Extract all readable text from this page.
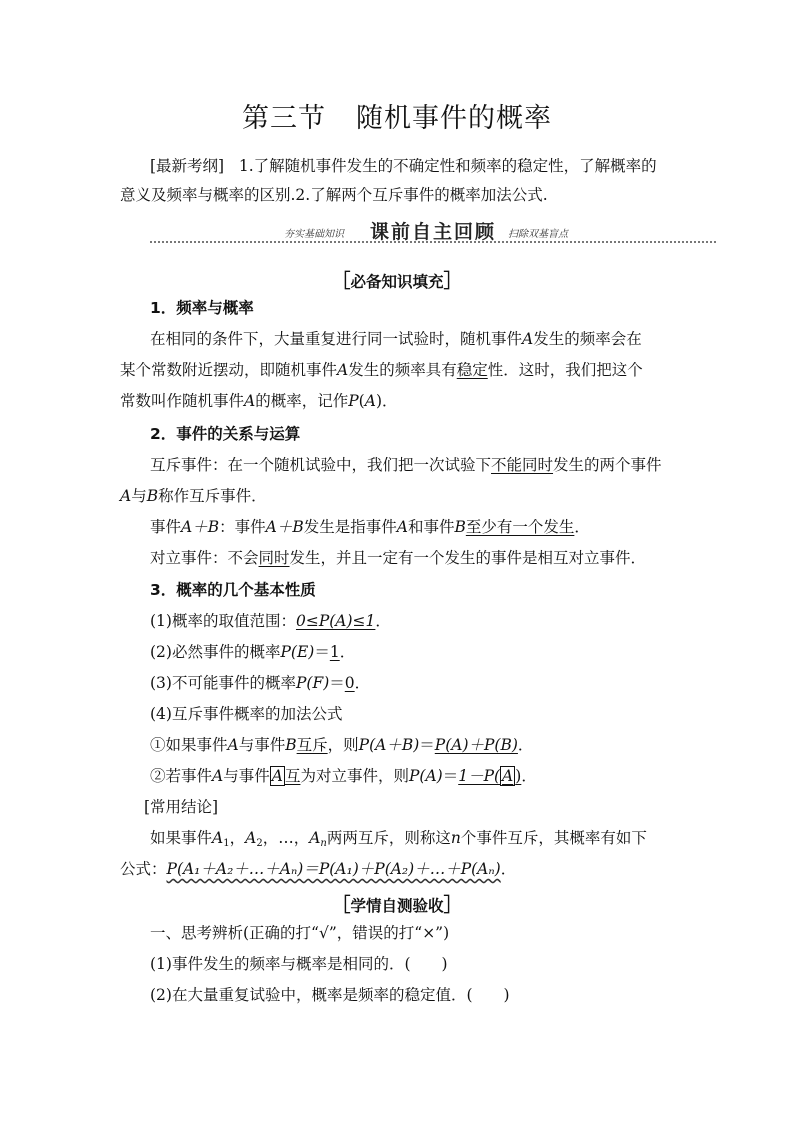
第三节 随机事件的概率
[最新考纲] 1.了解随机事件发生的不确定性和频率的稳定性，了解概率的
意义及频率与概率的区别.2.了解两个互斥事件的概率加法公式.
夯实基础知识 课前自主回顾 扫除双基盲点
［必备知识填充］
1．频率与概率
在相同的条件下，大量重复进行同一试验时，随机事件A发生的频率会在
某个常数附近摆动，即随机事件A发生的频率具有稳定性．这时，我们把这个
常数叫作随机事件A的概率，记作P(A)．
2．事件的关系与运算
互斥事件：在一个随机试验中，我们把一次试验下不能同时发生的两个事件
A与B称作互斥事件．
事件A＋B：事件A＋B发生是指事件A和事件B至少有一个发生．
对立事件：不会同时发生，并且一定有一个发生的事件是相互对立事件．
3．概率的几个基本性质
(1)概率的取值范围：0≤P(A)≤1．
(2)必然事件的概率P(E)＝1．
(3)不可能事件的概率P(F)＝0．
(4)互斥事件概率的加法公式
①如果事件A与事件B互斥，则P(A＋B)＝P(A)＋P(B)．
②若事件A与事件 A 互为对立事件，则P(A)＝1－P( A )．
[常用结论]
如果事件$A_1$，$A_2$，…，$A_n$两两互斥，则称这n个事件互斥，其概率有如下
公式：P(A₁＋A₂＋…＋Aₙ)＝P(A₁)＋P(A₂)＋…＋P(Aₙ)．
［学情自测验收］
一、思考辨析(正确的打“√”，错误的打“×”)
(1)事件发生的频率与概率是相同的．(　　)
(2)在大量重复试验中，概率是频率的稳定值．(　　)
